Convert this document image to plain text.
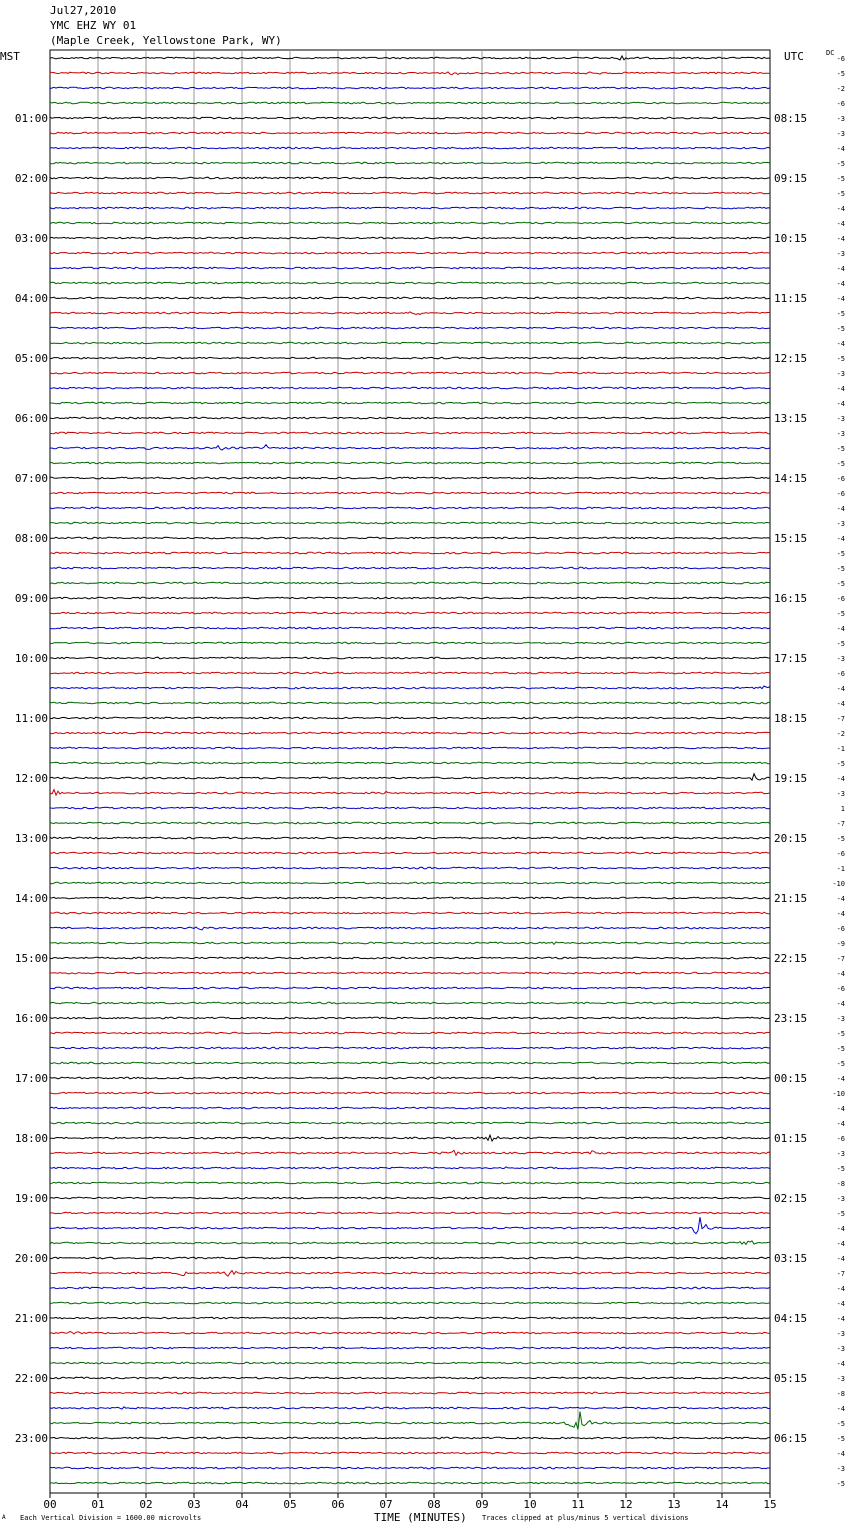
Jul27,2010
YMC EHZ WY 01
(Maple Creek, Yellowstone Park, WY)
MST	UTC	DC
00	01	02	03	04	05	06	07	08	09	10	11	12	13	14	15
-6
-5
-2
-6
-3
-3
-4
-5
-5
-5
-4
-4
-4
-3
-4
-4
-4
-5
-5
-4
-5
-3
-4
-4
-3
-3
-5
-5
-6
-6
-4
-3
-4
-5
-5
-5
-6
-5
-4
-5
-3
-6
-4
-4
-7
-2
-1
-5
-4
-3
1
-7
-5
-6
-1
-10
-4
-4
-6
-9
-7
-4
-6
-4
-3
-5
-5
-5
-4
-10
-4
-4
-6
-3
-5
-8
-3
-5
-4
-4
-4
-7
-4
-4
-4
-3
-3
-4
-3
-8
-4
-5
-5
-4
-3
-5
01:00	08:15
02:00	09:15
03:00	10:15
04:00	11:15
05:00	12:15
06:00	13:15
07:00	14:15
08:00	15:15
09:00	16:15
10:00	17:15
11:00	18:15
12:00	19:15
13:00	20:15
14:00	21:15
15:00	22:15
16:00	23:15
17:00	00:15
18:00	01:15
19:00	02:15
20:00	03:15
21:00	04:15
22:00	05:15
23:00	06:15
A Each Vertical Division = 1600.00 microvolts	TIME (MINUTES) Traces clipped at plus/minus 5 vertical divisions
